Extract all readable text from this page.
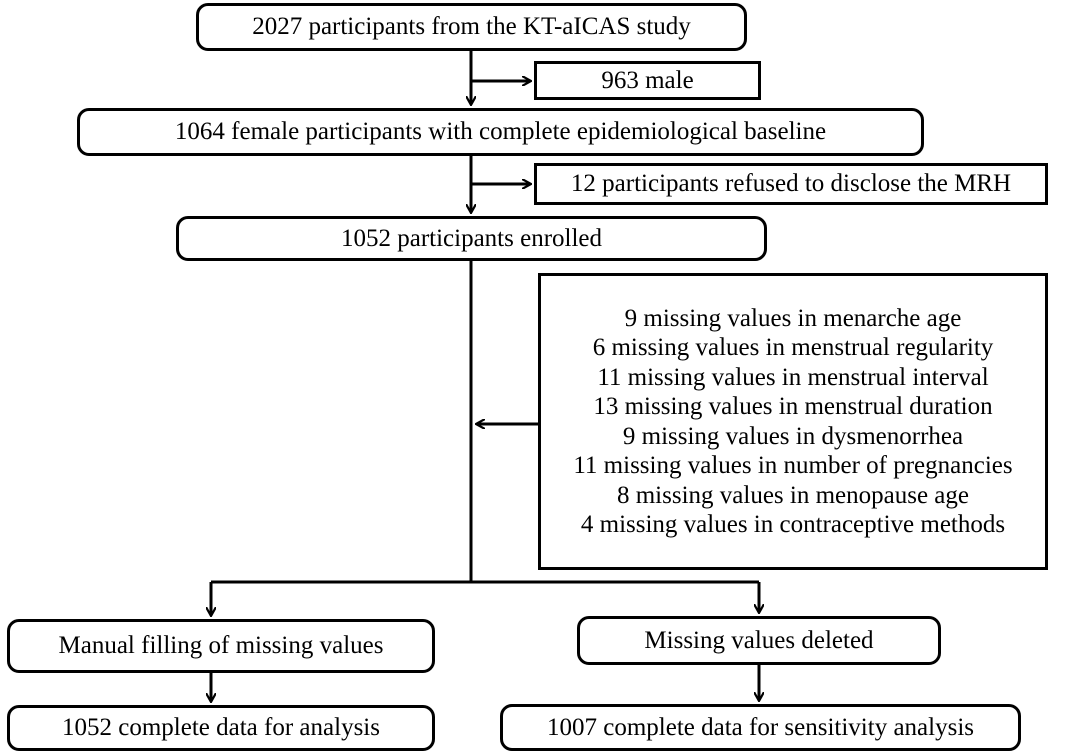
2027 participants from the KT-aICAS study
963 male
1064 female participants with complete epidemiological baseline
12 participants refused to disclose the MRH
1052 participants enrolled
9 missing values in menarche age
6 missing values in menstrual regularity
11 missing values in menstrual interval
13 missing values in menstrual duration
9 missing values in dysmenorrhea
11 missing values in number of pregnancies
8 missing values in menopause age
4 missing values in contraceptive methods
Manual filling of missing values	Missing values deleted
1052 complete data for analysis	1007 complete data for sensitivity analysis
